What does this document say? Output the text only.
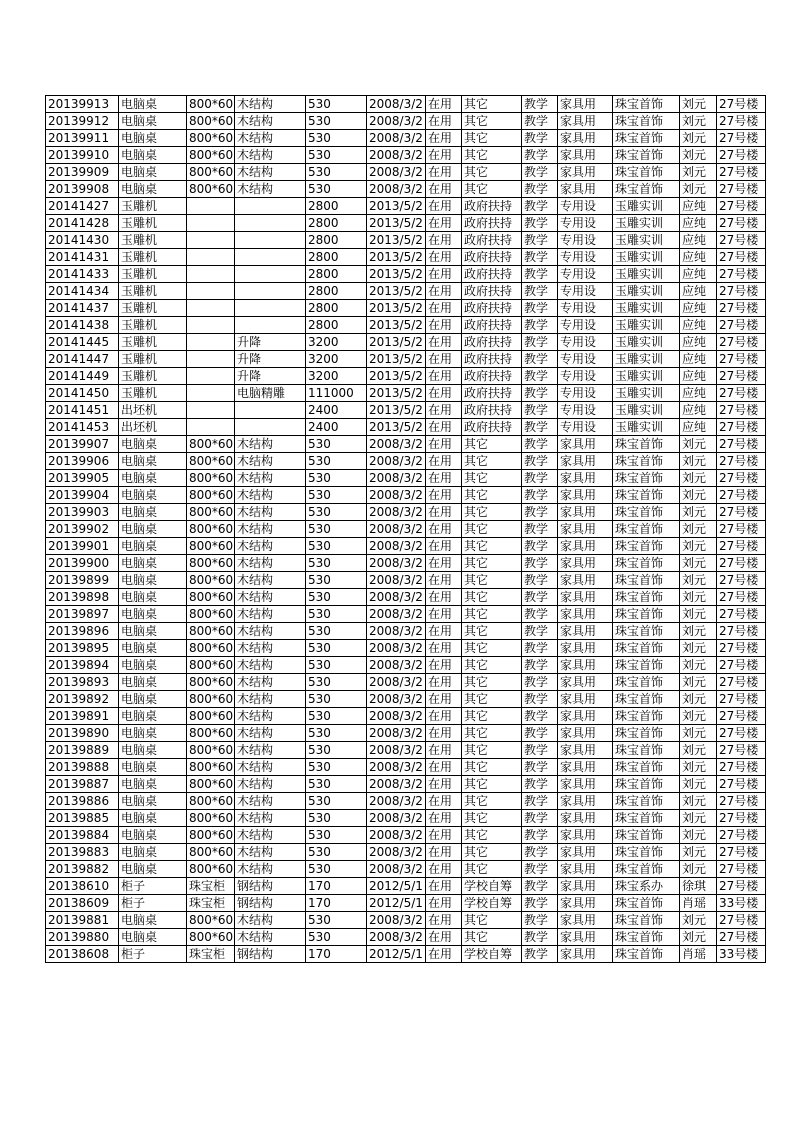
20139913	电脑桌	800*60	木结构	530	2008/3/2	在用	其它	教学	家具用	珠宝首饰	刘元	27号楼
20139912	电脑桌	800*60	木结构	530	2008/3/2	在用	其它	教学	家具用	珠宝首饰	刘元	27号楼
20139911	电脑桌	800*60	木结构	530	2008/3/2	在用	其它	教学	家具用	珠宝首饰	刘元	27号楼
20139910	电脑桌	800*60	木结构	530	2008/3/2	在用	其它	教学	家具用	珠宝首饰	刘元	27号楼
20139909	电脑桌	800*60	木结构	530	2008/3/2	在用	其它	教学	家具用	珠宝首饰	刘元	27号楼
20139908	电脑桌	800*60	木结构	530	2008/3/2	在用	其它	教学	家具用	珠宝首饰	刘元	27号楼
20141427	玉雕机			2800	2013/5/2	在用	政府扶持	教学	专用设	玉雕实训	应纯	27号楼
20141428	玉雕机			2800	2013/5/2	在用	政府扶持	教学	专用设	玉雕实训	应纯	27号楼
20141430	玉雕机			2800	2013/5/2	在用	政府扶持	教学	专用设	玉雕实训	应纯	27号楼
20141431	玉雕机			2800	2013/5/2	在用	政府扶持	教学	专用设	玉雕实训	应纯	27号楼
20141433	玉雕机			2800	2013/5/2	在用	政府扶持	教学	专用设	玉雕实训	应纯	27号楼
20141434	玉雕机			2800	2013/5/2	在用	政府扶持	教学	专用设	玉雕实训	应纯	27号楼
20141437	玉雕机			2800	2013/5/2	在用	政府扶持	教学	专用设	玉雕实训	应纯	27号楼
20141438	玉雕机			2800	2013/5/2	在用	政府扶持	教学	专用设	玉雕实训	应纯	27号楼
20141445	玉雕机		升降	3200	2013/5/2	在用	政府扶持	教学	专用设	玉雕实训	应纯	27号楼
20141447	玉雕机		升降	3200	2013/5/2	在用	政府扶持	教学	专用设	玉雕实训	应纯	27号楼
20141449	玉雕机		升降	3200	2013/5/2	在用	政府扶持	教学	专用设	玉雕实训	应纯	27号楼
20141450	玉雕机		电脑精雕	111000	2013/5/2	在用	政府扶持	教学	专用设	玉雕实训	应纯	27号楼
20141451	出坯机			2400	2013/5/2	在用	政府扶持	教学	专用设	玉雕实训	应纯	27号楼
20141453	出坯机			2400	2013/5/2	在用	政府扶持	教学	专用设	玉雕实训	应纯	27号楼
20139907	电脑桌	800*60	木结构	530	2008/3/2	在用	其它	教学	家具用	珠宝首饰	刘元	27号楼
20139906	电脑桌	800*60	木结构	530	2008/3/2	在用	其它	教学	家具用	珠宝首饰	刘元	27号楼
20139905	电脑桌	800*60	木结构	530	2008/3/2	在用	其它	教学	家具用	珠宝首饰	刘元	27号楼
20139904	电脑桌	800*60	木结构	530	2008/3/2	在用	其它	教学	家具用	珠宝首饰	刘元	27号楼
20139903	电脑桌	800*60	木结构	530	2008/3/2	在用	其它	教学	家具用	珠宝首饰	刘元	27号楼
20139902	电脑桌	800*60	木结构	530	2008/3/2	在用	其它	教学	家具用	珠宝首饰	刘元	27号楼
20139901	电脑桌	800*60	木结构	530	2008/3/2	在用	其它	教学	家具用	珠宝首饰	刘元	27号楼
20139900	电脑桌	800*60	木结构	530	2008/3/2	在用	其它	教学	家具用	珠宝首饰	刘元	27号楼
20139899	电脑桌	800*60	木结构	530	2008/3/2	在用	其它	教学	家具用	珠宝首饰	刘元	27号楼
20139898	电脑桌	800*60	木结构	530	2008/3/2	在用	其它	教学	家具用	珠宝首饰	刘元	27号楼
20139897	电脑桌	800*60	木结构	530	2008/3/2	在用	其它	教学	家具用	珠宝首饰	刘元	27号楼
20139896	电脑桌	800*60	木结构	530	2008/3/2	在用	其它	教学	家具用	珠宝首饰	刘元	27号楼
20139895	电脑桌	800*60	木结构	530	2008/3/2	在用	其它	教学	家具用	珠宝首饰	刘元	27号楼
20139894	电脑桌	800*60	木结构	530	2008/3/2	在用	其它	教学	家具用	珠宝首饰	刘元	27号楼
20139893	电脑桌	800*60	木结构	530	2008/3/2	在用	其它	教学	家具用	珠宝首饰	刘元	27号楼
20139892	电脑桌	800*60	木结构	530	2008/3/2	在用	其它	教学	家具用	珠宝首饰	刘元	27号楼
20139891	电脑桌	800*60	木结构	530	2008/3/2	在用	其它	教学	家具用	珠宝首饰	刘元	27号楼
20139890	电脑桌	800*60	木结构	530	2008/3/2	在用	其它	教学	家具用	珠宝首饰	刘元	27号楼
20139889	电脑桌	800*60	木结构	530	2008/3/2	在用	其它	教学	家具用	珠宝首饰	刘元	27号楼
20139888	电脑桌	800*60	木结构	530	2008/3/2	在用	其它	教学	家具用	珠宝首饰	刘元	27号楼
20139887	电脑桌	800*60	木结构	530	2008/3/2	在用	其它	教学	家具用	珠宝首饰	刘元	27号楼
20139886	电脑桌	800*60	木结构	530	2008/3/2	在用	其它	教学	家具用	珠宝首饰	刘元	27号楼
20139885	电脑桌	800*60	木结构	530	2008/3/2	在用	其它	教学	家具用	珠宝首饰	刘元	27号楼
20139884	电脑桌	800*60	木结构	530	2008/3/2	在用	其它	教学	家具用	珠宝首饰	刘元	27号楼
20139883	电脑桌	800*60	木结构	530	2008/3/2	在用	其它	教学	家具用	珠宝首饰	刘元	27号楼
20139882	电脑桌	800*60	木结构	530	2008/3/2	在用	其它	教学	家具用	珠宝首饰	刘元	27号楼
20138610	柜子	珠宝柜	钢结构	170	2012/5/1	在用	学校自筹	教学	家具用	珠宝系办	徐琪	27号楼
20138609	柜子	珠宝柜	钢结构	170	2012/5/1	在用	学校自筹	教学	家具用	珠宝首饰	肖瑶	33号楼
20139881	电脑桌	800*60	木结构	530	2008/3/2	在用	其它	教学	家具用	珠宝首饰	刘元	27号楼
20139880	电脑桌	800*60	木结构	530	2008/3/2	在用	其它	教学	家具用	珠宝首饰	刘元	27号楼
20138608	柜子	珠宝柜	钢结构	170	2012/5/1	在用	学校自筹	教学	家具用	珠宝首饰	肖瑶	33号楼
